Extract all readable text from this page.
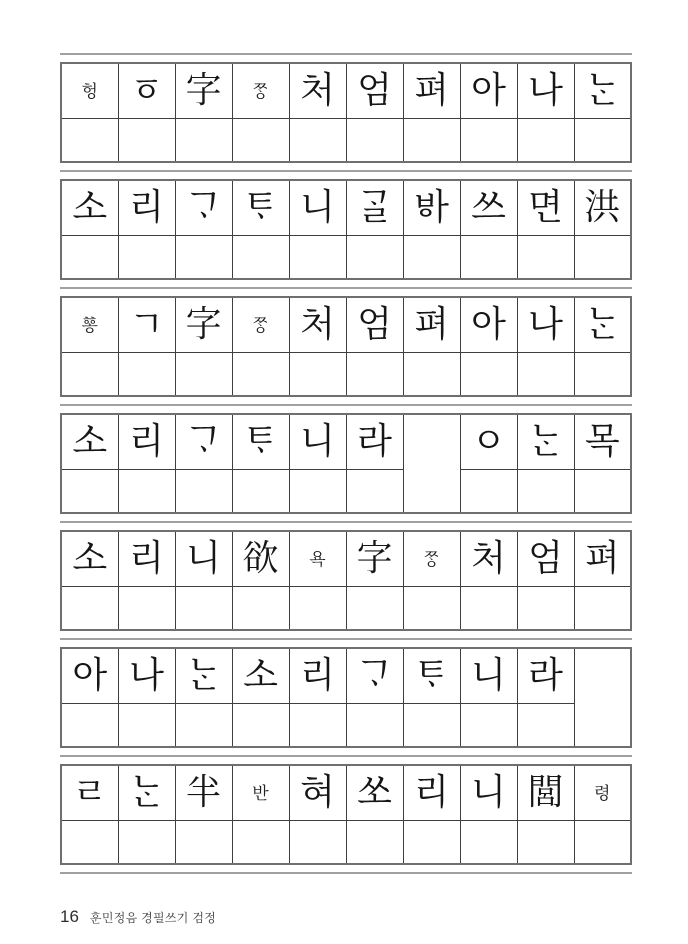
헝	ㆆ	字	ᄍᆞᆼ	처	엄	펴	아	나	ᄂᆞᆫ

소	리	ᄀᆞ	ᄐᆞ	니	ᄀᆞᆯ	ᄫᅡ	쓰	면	洪

ᅘᅩᆼ	ㄱ	字	ᄍᆞᆼ	처	엄	펴	아	나	ᄂᆞᆫ

소	리	ᄀᆞ	ᄐᆞ	니	라		ㅇ	ᄂᆞᆫ	목

소	리	니	欲	욕	字	ᄍᆞᆼ	처	엄	펴

아	나	ᄂᆞᆫ	소	리	ᄀᆞ	ᄐᆞ	니	라	

ㄹ	ᄂᆞᆫ	半	반	혀	쏘	리	니	閭	령

16 훈민정음 경필쓰기 검정
